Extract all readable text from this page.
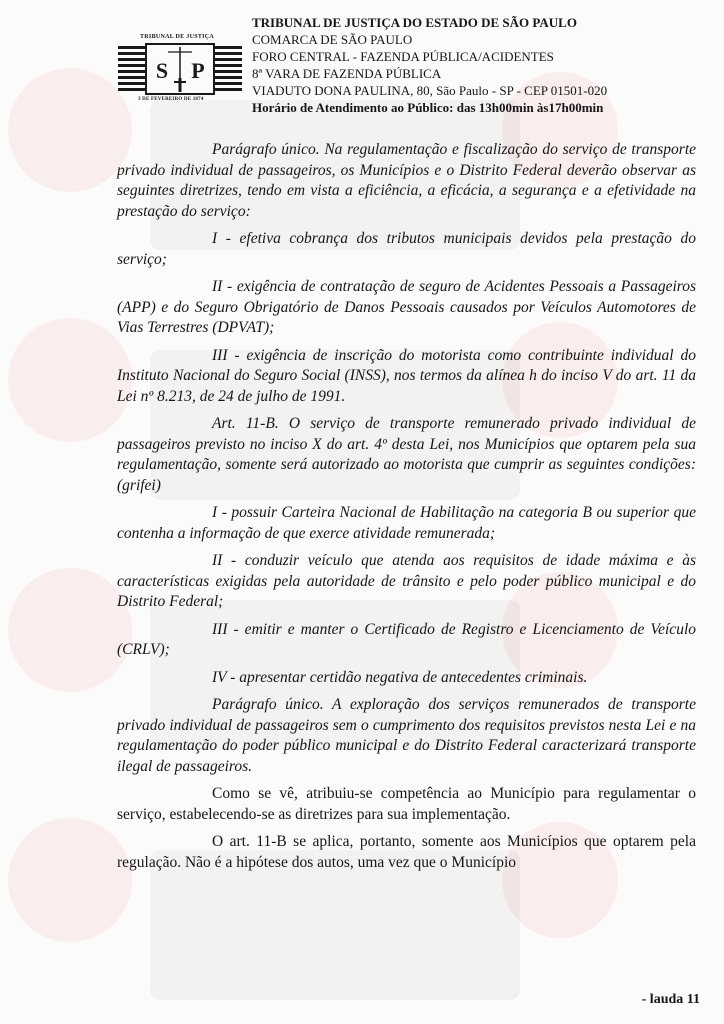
S P
TRIBUNAL DE JUSTIÇA
3 DE FEVEREIRO DE 1874
TRIBUNAL DE JUSTIÇA DO ESTADO DE SÃO PAULO
COMARCA DE SÃO PAULO
FORO CENTRAL - FAZENDA PÚBLICA/ACIDENTES
8ª VARA DE FAZENDA PÚBLICA
VIADUTO DONA PAULINA, 80, São Paulo - SP - CEP 01501-020
Horário de Atendimento ao Público: das 13h00min às17h00min

Parágrafo único. Na regulamentação e fiscalização do serviço de transporte privado individual de passageiros, os Municípios e o Distrito Federal deverão observar as seguintes diretrizes, tendo em vista a eficiência, a eficácia, a segurança e a efetividade na prestação do serviço:

I - efetiva cobrança dos tributos municipais devidos pela prestação do serviço;

II - exigência de contratação de seguro de Acidentes Pessoais a Passageiros (APP) e do Seguro Obrigatório de Danos Pessoais causados por Veículos Automotores de Vias Terrestres (DPVAT);

III - exigência de inscrição do motorista como contribuinte individual do Instituto Nacional do Seguro Social (INSS), nos termos da alínea h do inciso V do art. 11 da Lei nº 8.213, de 24 de julho de 1991.

Art. 11-B. O serviço de transporte remunerado privado individual de passageiros previsto no inciso X do art. 4º desta Lei, nos Municípios que optarem pela sua regulamentação, somente será autorizado ao motorista que cumprir as seguintes condições: (grifei)

I - possuir Carteira Nacional de Habilitação na categoria B ou superior que contenha a informação de que exerce atividade remunerada;

II - conduzir veículo que atenda aos requisitos de idade máxima e às características exigidas pela autoridade de trânsito e pelo poder público municipal e do Distrito Federal;

III - emitir e manter o Certificado de Registro e Licenciamento de Veículo (CRLV);

IV - apresentar certidão negativa de antecedentes criminais.

Parágrafo único. A exploração dos serviços remunerados de transporte privado individual de passageiros sem o cumprimento dos requisitos previstos nesta Lei e na regulamentação do poder público municipal e do Distrito Federal caracterizará transporte ilegal de passageiros.

Como se vê, atribuiu-se competência ao Município para regulamentar o serviço, estabelecendo-se as diretrizes para sua implementação.

O art. 11-B se aplica, portanto, somente aos Municípios que optarem pela regulação. Não é a hipótese dos autos, uma vez que o Município

- lauda 11
